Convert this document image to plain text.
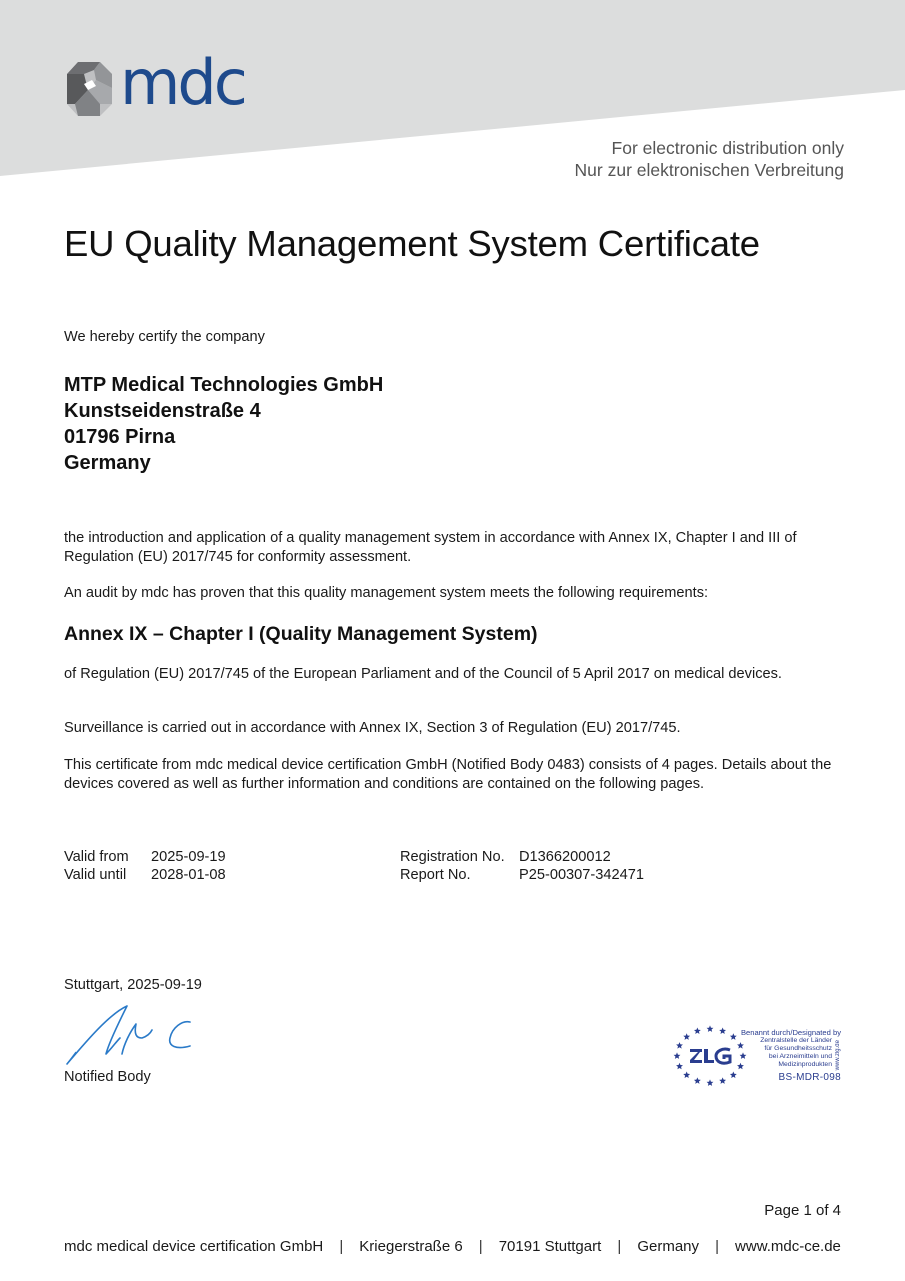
mdc
For electronic distribution only
Nur zur elektronischen Verbreitung
EU Quality Management System Certificate
We hereby certify the company
MTP Medical Technologies GmbH
Kunstseidenstraße 4
01796 Pirna
Germany
the introduction and application of a quality management system in accordance with Annex IX, Chapter I and III of Regulation (EU) 2017/745 for conformity assessment.
An audit by mdc has proven that this quality management system meets the following requirements:
Annex IX – Chapter I (Quality Management System)
of Regulation (EU) 2017/745 of the European Parliament and of the Council of 5 April 2017 on medical devices.
Surveillance is carried out in accordance with Annex IX, Section 3 of Regulation (EU) 2017/745.
This certificate from mdc medical device certification GmbH (Notified Body 0483) consists of 4 pages. Details about the devices covered as well as further information and conditions are contained on the following pages.
Valid from	2025-09-19
Valid until	2028-01-08
Registration No. D1366200012
Report No.	P25-00307-342471
Stuttgart, 2025-09-19
Notified Body
Benannt durch/Designated by
Zentralstelle der Länder
für Gesundheitsschutz
bei Arzneimitteln und
Medizinprodukten
BS-MDR-098
www.zlg.de
Page 1 of 4
mdc medical device certification GmbH | Kriegerstraße 6 | 70191 Stuttgart | Germany | www.mdc-ce.de
